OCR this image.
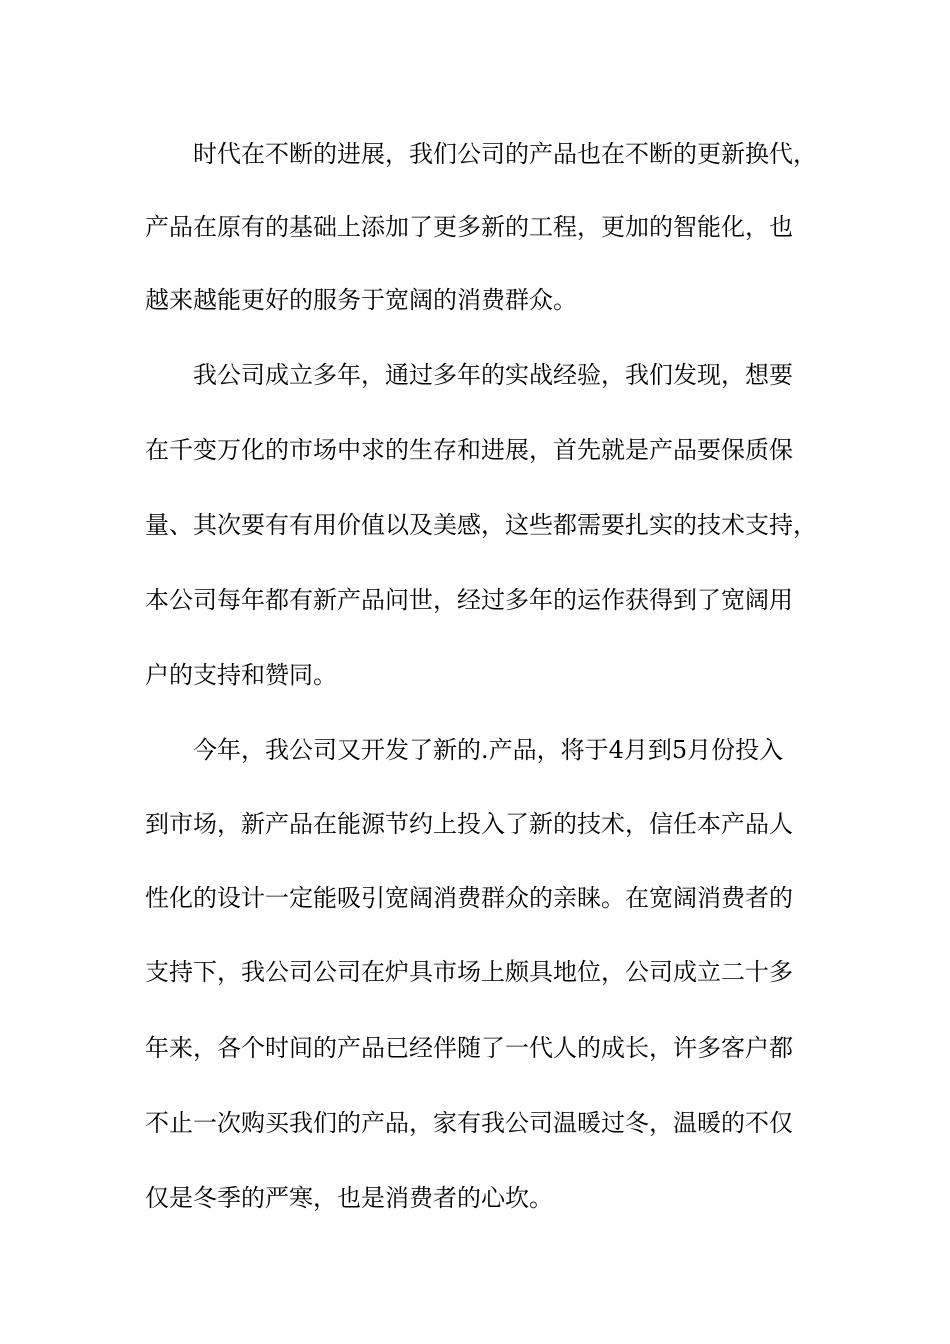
时代在不断的进展，我们公司的产品也在不断的更新换代，
产品在原有的基础上添加了更多新的工程，更加的智能化，也
越来越能更好的服务于宽阔的消费群众。
我公司成立多年，通过多年的实战经验，我们发现，想要
在千变万化的市场中求的生存和进展，首先就是产品要保质保
量、其次要有有用价值以及美感，这些都需要扎实的技术支持，
本公司每年都有新产品问世，经过多年的运作获得到了宽阔用
户的支持和赞同。
今年，我公司又开发了新的.产品，将于4月到5月份投入
到市场，新产品在能源节约上投入了新的技术，信任本产品人
性化的设计一定能吸引宽阔消费群众的亲睐。在宽阔消费者的
支持下，我公司公司在炉具市场上颇具地位，公司成立二十多
年来，各个时间的产品已经伴随了一代人的成长，许多客户都
不止一次购买我们的产品，家有我公司温暖过冬，温暖的不仅
仅是冬季的严寒，也是消费者的心坎。
